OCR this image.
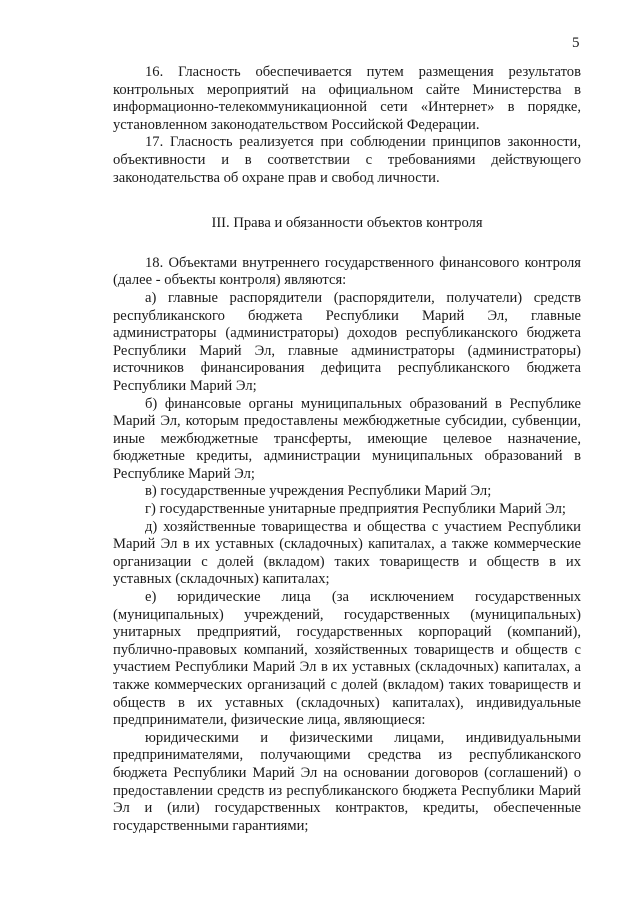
5

16. Гласность обеспечивается путем размещения результатов контрольных мероприятий на официальном сайте Министерства в информационно-телекоммуникационной сети «Интернет» в порядке, установленном законодательством Российской Федерации.

17. Гласность реализуется при соблюдении принципов законности, объективности и в соответствии с требованиями действующего законодательства об охране прав и свобод личности.

III. Права и обязанности объектов контроля

18. Объектами внутреннего государственного финансового контроля (далее - объекты контроля) являются:

а) главные распорядители (распорядители, получатели) средств республиканского бюджета Республики Марий Эл, главные администраторы (администраторы) доходов республиканского бюджета Республики Марий Эл, главные администраторы (администраторы) источников финансирования дефицита республиканского бюджета Республики Марий Эл;

б) финансовые органы муниципальных образований в Республике Марий Эл, которым предоставлены межбюджетные субсидии, субвенции, иные межбюджетные трансферты, имеющие целевое назначение, бюджетные кредиты, администрации муниципальных образований в Республике Марий Эл;

в) государственные учреждения Республики Марий Эл;

г) государственные унитарные предприятия Республики Марий Эл;

д) хозяйственные товарищества и общества с участием Республики Марий Эл в их уставных (складочных) капиталах, а также коммерческие организации с долей (вкладом) таких товариществ и обществ в их уставных (складочных) капиталах;

е) юридические лица (за исключением государственных (муниципальных) учреждений, государственных (муниципальных) унитарных предприятий, государственных корпораций (компаний), публично-правовых компаний, хозяйственных товариществ и обществ с участием Республики Марий Эл в их уставных (складочных) капиталах, а также коммерческих организаций с долей (вкладом) таких товариществ и обществ в их уставных (складочных) капиталах), индивидуальные предприниматели, физические лица, являющиеся:

юридическими и физическими лицами, индивидуальными предпринимателями, получающими средства из республиканского бюджета Республики Марий Эл на основании договоров (соглашений) о предоставлении средств из республиканского бюджета Республики Марий Эл и (или) государственных контрактов, кредиты, обеспеченные государственными гарантиями;
